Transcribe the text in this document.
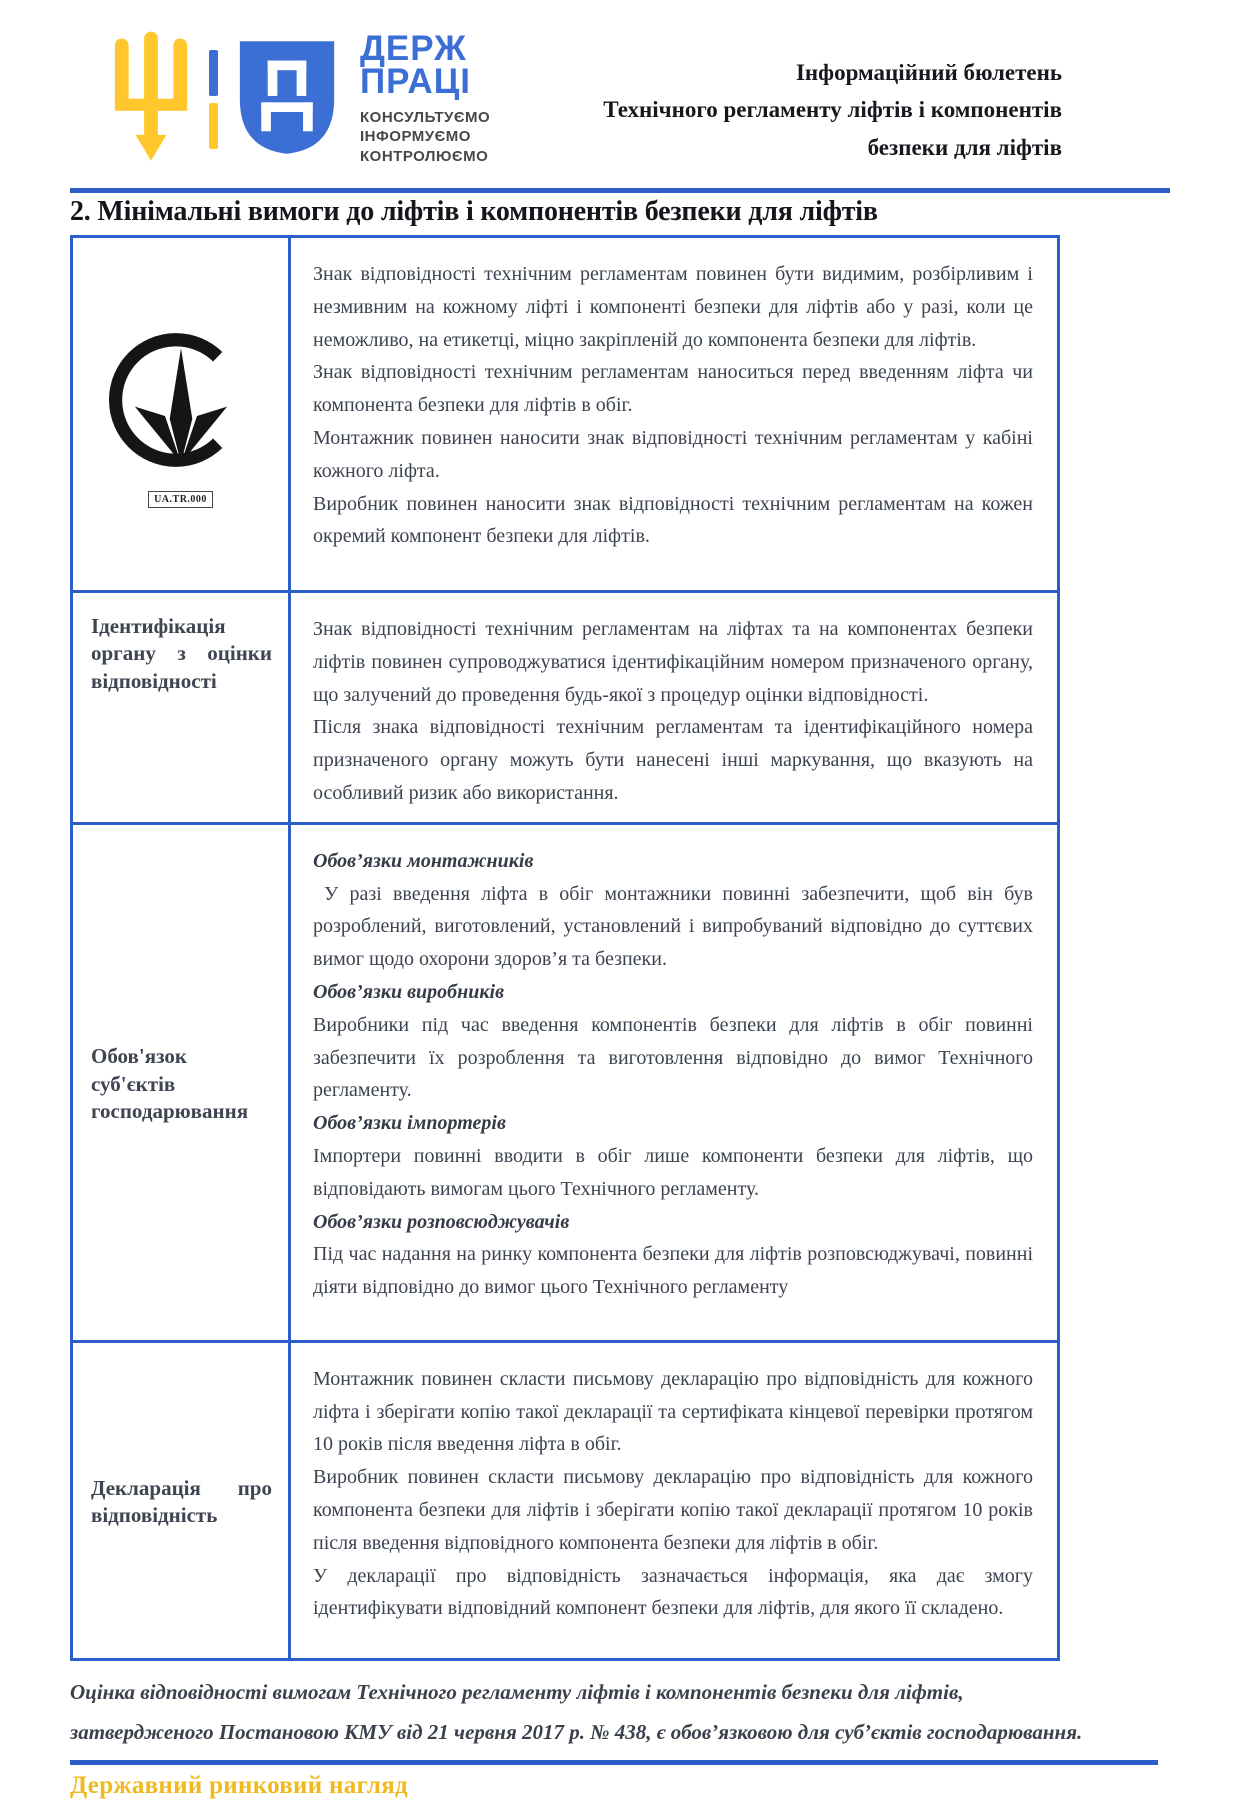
ДЕРЖ
ПРАЦІ
КОНСУЛЬТУЄМО
ІНФОРМУЄМО
КОНТРОЛЮЄМО
Інформаційний бюлетень
Технічного регламенту ліфтів і компонентів
безпеки для ліфтів
2. Мінімальні вимоги до ліфтів і компонентів безпеки для ліфтів
UA.TR.000

Знак відповідності технічним регламентам повинен бути видимим, розбірливим і незмивним на кожному ліфті і компоненті безпеки для ліфтів або у разі, коли це неможливо, на етикетці, міцно закріпленій до компонента безпеки для ліфтів.

Знак відповідності технічним регламентам наноситься перед введенням ліфта чи компонента безпеки для ліфтів в обіг.

Монтажник повинен наносити знак відповідності технічним регламентам у кабіні кожного ліфта.

Виробник повинен наносити знак відповідності технічним регламентам на кожен окремий компонент безпеки для ліфтів.

Ідентифікація органу з оцінки відповідності

Знак відповідності технічним регламентам на ліфтах та на компонентах безпеки ліфтів повинен супроводжуватися ідентифікаційним номером призначеного органу, що залучений до проведення будь-якої з процедур оцінки відповідності.

Після знака відповідності технічним регламентам та ідентифікаційного номера призначеного органу можуть бути нанесені інші маркування, що вказують на особливий ризик або використання.

Обов'язок суб'єктів господарювання
Обов’язки монтажників

У разі введення ліфта в обіг монтажники повинні забезпечити, щоб він був розроблений, виготовлений, установлений і випробуваний відповідно до суттєвих вимог щодо охорони здоров’я та безпеки.

Обов’язки виробників

Виробники під час введення компонентів безпеки для ліфтів в обіг повинні забезпечити їх розроблення та виготовлення відповідно до вимог Технічного регламенту.

Обов’язки імпортерів

Імпортери повинні вводити в обіг лише компоненти безпеки для ліфтів, що відповідають вимогам цього Технічного регламенту.

Обов’язки розповсюджувачів

Під час надання на ринку компонента безпеки для ліфтів розповсюджувачі, повинні діяти відповідно до вимог цього Технічного регламенту

Декларація про відповідність

Монтажник повинен скласти письмову декларацію про відповідність для кожного ліфта і зберігати копію такої декларації та сертифіката кінцевої перевірки протягом 10 років після введення ліфта в обіг.

Виробник повинен скласти письмову декларацію про відповідність для кожного компонента безпеки для ліфтів і зберігати копію такої декларації протягом 10 років після введення відповідного компонента безпеки для ліфтів в обіг.

У декларації про відповідність зазначається інформація, яка дає змогу ідентифікувати відповідний компонент безпеки для ліфтів, для якого її складено.

Оцінка відповідності вимогам Технічного регламенту ліфтів і компонентів безпеки для ліфтів,
затвердженого Постановою КМУ від 21 червня 2017 р. № 438, є обов’язковою для суб’єктів господарювання.
Державний ринковий нагляд
